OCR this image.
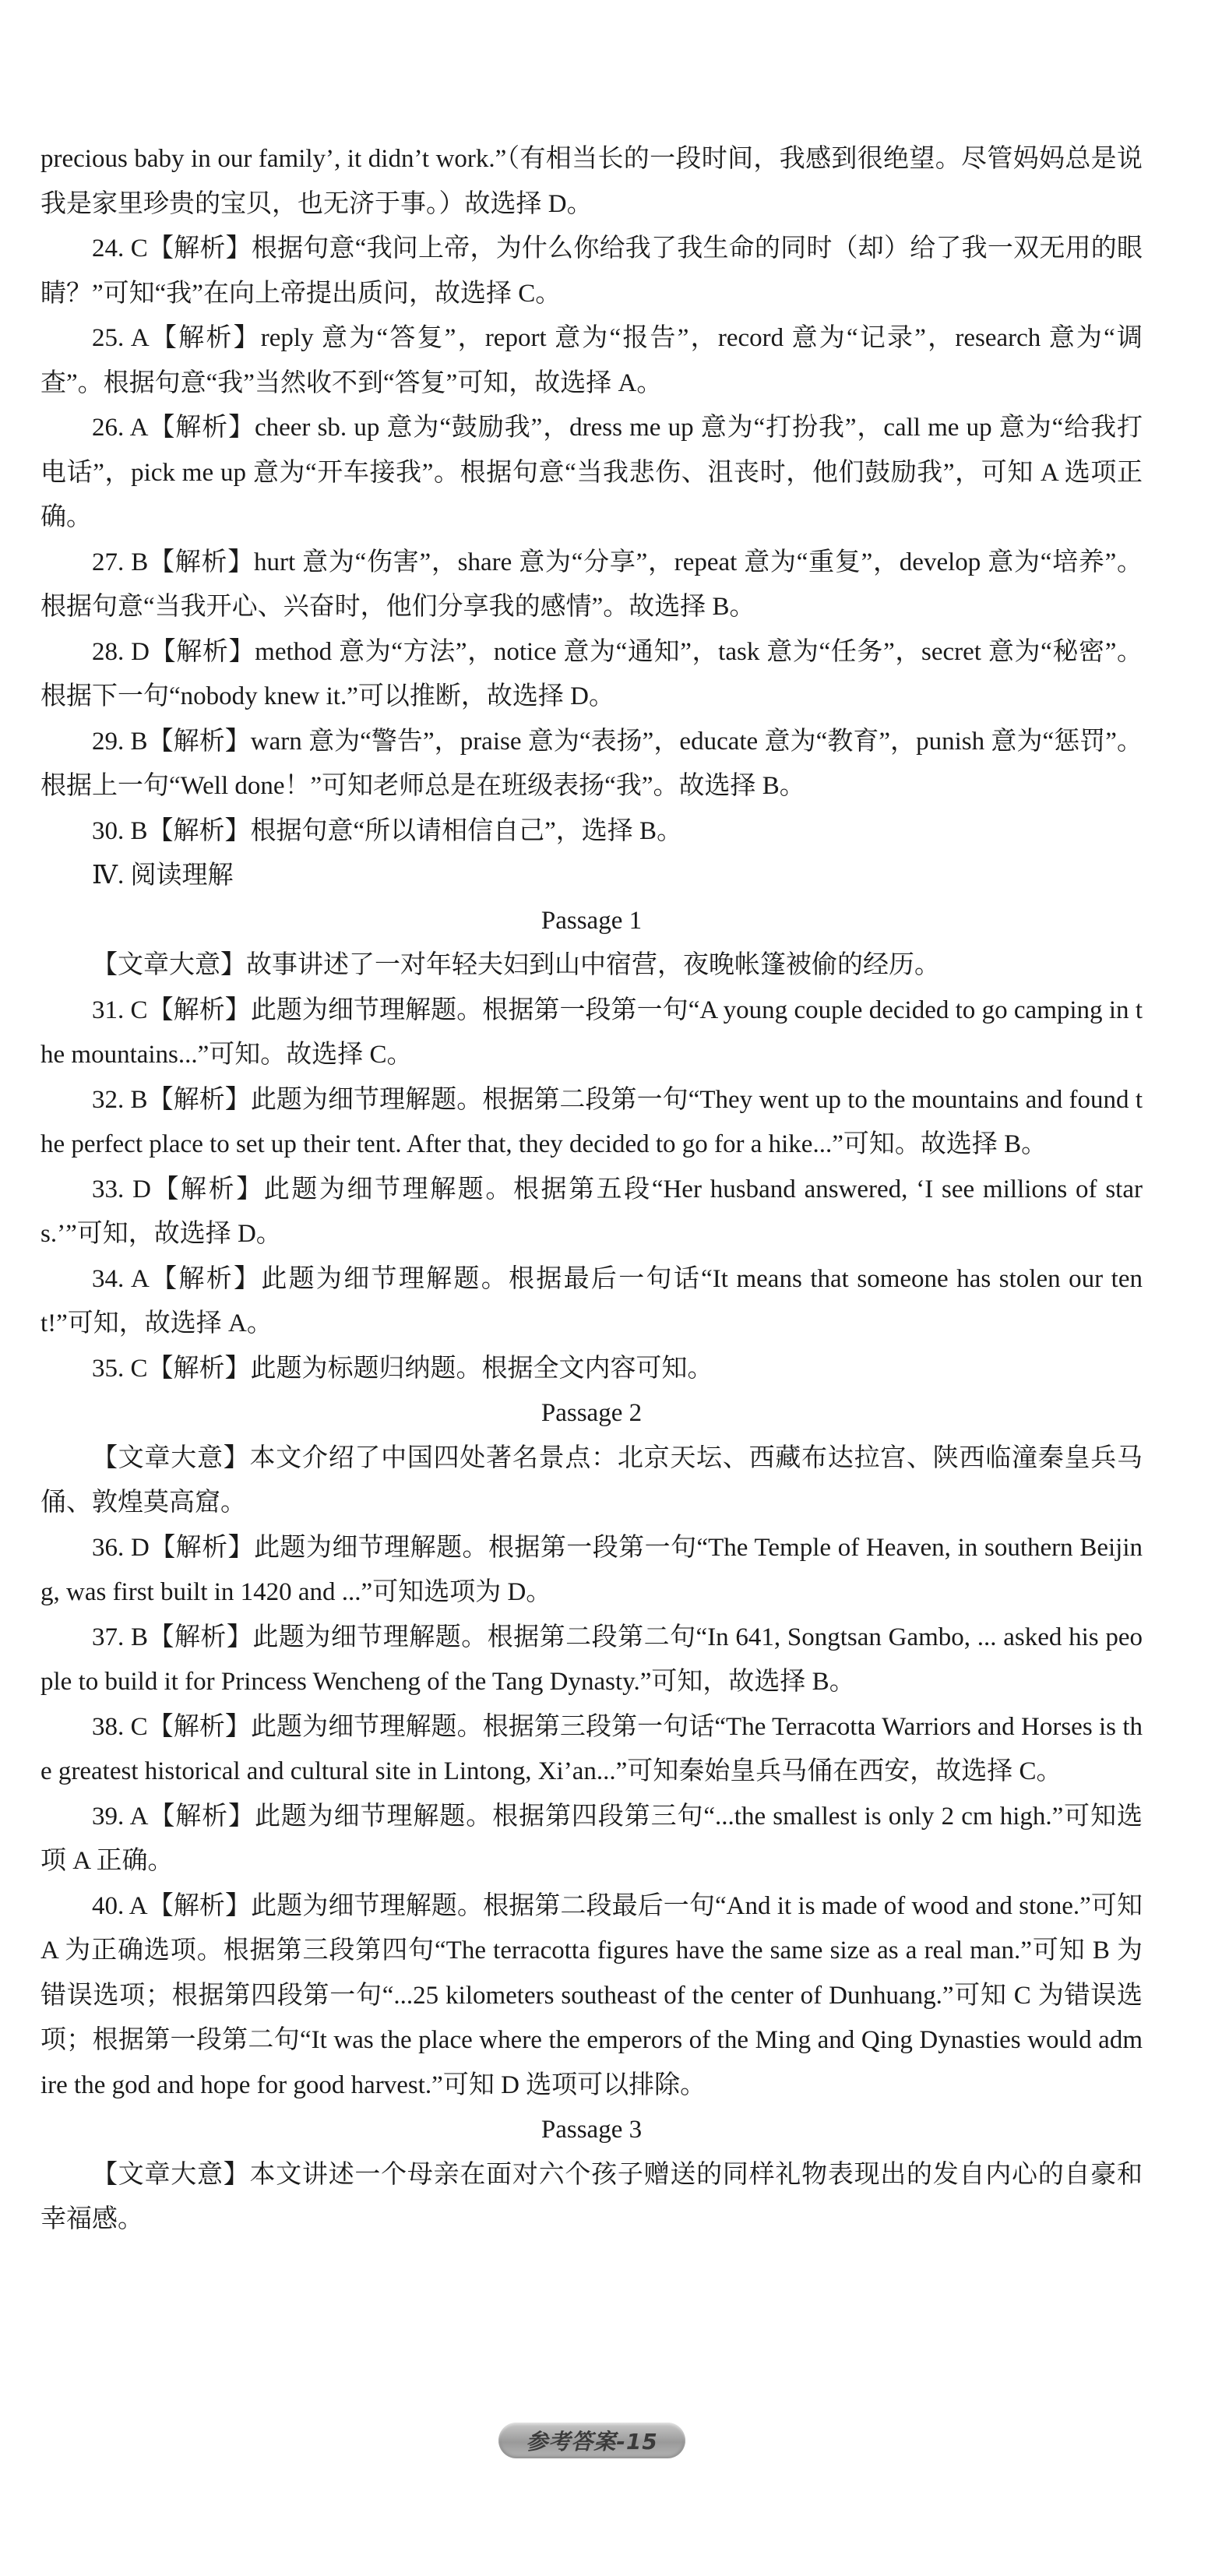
precious baby in our family’, it didn’t work.”（有相当长的一段时间，我感到很绝望。尽管妈妈总是说我是家里珍贵的宝贝，也无济于事。）故选择 D。

24. C【解析】根据句意“我问上帝，为什么你给我了我生命的同时（却）给了我一双无用的眼睛？”可知“我”在向上帝提出质问，故选择 C。

25. A【解析】reply 意为“答复”，report 意为“报告”，record 意为“记录”，research 意为“调查”。根据句意“我”当然收不到“答复”可知，故选择 A。

26. A【解析】cheer sb. up 意为“鼓励我”，dress me up 意为“打扮我”，call me up 意为“给我打电话”，pick me up 意为“开车接我”。根据句意“当我悲伤、沮丧时，他们鼓励我”，可知 A 选项正确。

27. B【解析】hurt 意为“伤害”，share 意为“分享”，repeat 意为“重复”，develop 意为“培养”。根据句意“当我开心、兴奋时，他们分享我的感情”。故选择 B。

28. D【解析】method 意为“方法”，notice 意为“通知”，task 意为“任务”，secret 意为“秘密”。根据下一句“nobody knew it.”可以推断，故选择 D。

29. B【解析】warn 意为“警告”，praise 意为“表扬”，educate 意为“教育”，punish 意为“惩罚”。根据上一句“Well done！”可知老师总是在班级表扬“我”。故选择 B。

30. B【解析】根据句意“所以请相信自己”，选择 B。

Ⅳ. 阅读理解

Passage 1

【文章大意】故事讲述了一对年轻夫妇到山中宿营，夜晚帐篷被偷的经历。

31. C【解析】此题为细节理解题。根据第一段第一句“A young couple decided to go camping in the mountains...”可知。故选择 C。

32. B【解析】此题为细节理解题。根据第二段第一句“They went up to the mountains and found the perfect place to set up their tent. After that, they decided to go for a hike...”可知。故选择 B。

33. D【解析】此题为细节理解题。根据第五段“Her husband answered, ‘I see millions of stars.’”可知，故选择 D。

34. A【解析】此题为细节理解题。根据最后一句话“It means that someone has stolen our tent!”可知，故选择 A。

35. C【解析】此题为标题归纳题。根据全文内容可知。

Passage 2

【文章大意】本文介绍了中国四处著名景点：北京天坛、西藏布达拉宫、陕西临潼秦皇兵马俑、敦煌莫高窟。

36. D【解析】此题为细节理解题。根据第一段第一句“The Temple of Heaven, in southern Beijing, was first built in 1420 and ...”可知选项为 D。

37. B【解析】此题为细节理解题。根据第二段第二句“In 641, Songtsan Gambo, ... asked his people to build it for Princess Wencheng of the Tang Dynasty.”可知，故选择 B。

38. C【解析】此题为细节理解题。根据第三段第一句话“The Terracotta Warriors and Horses is the greatest historical and cultural site in Lintong, Xi’an...”可知秦始皇兵马俑在西安，故选择 C。

39. A【解析】此题为细节理解题。根据第四段第三句“...the smallest is only 2 cm high.”可知选项 A 正确。

40. A【解析】此题为细节理解题。根据第二段最后一句“And it is made of wood and stone.”可知 A 为正确选项。根据第三段第四句“The terracotta figures have the same size as a real man.”可知 B 为错误选项；根据第四段第一句“...25 kilometers southeast of the center of Dunhuang.”可知 C 为错误选项；根据第一段第二句“It was the place where the emperors of the Ming and Qing Dynasties would admire the god and hope for good harvest.”可知 D 选项可以排除。

Passage 3

【文章大意】本文讲述一个母亲在面对六个孩子赠送的同样礼物表现出的发自内心的自豪和幸福感。

参考答案-15
